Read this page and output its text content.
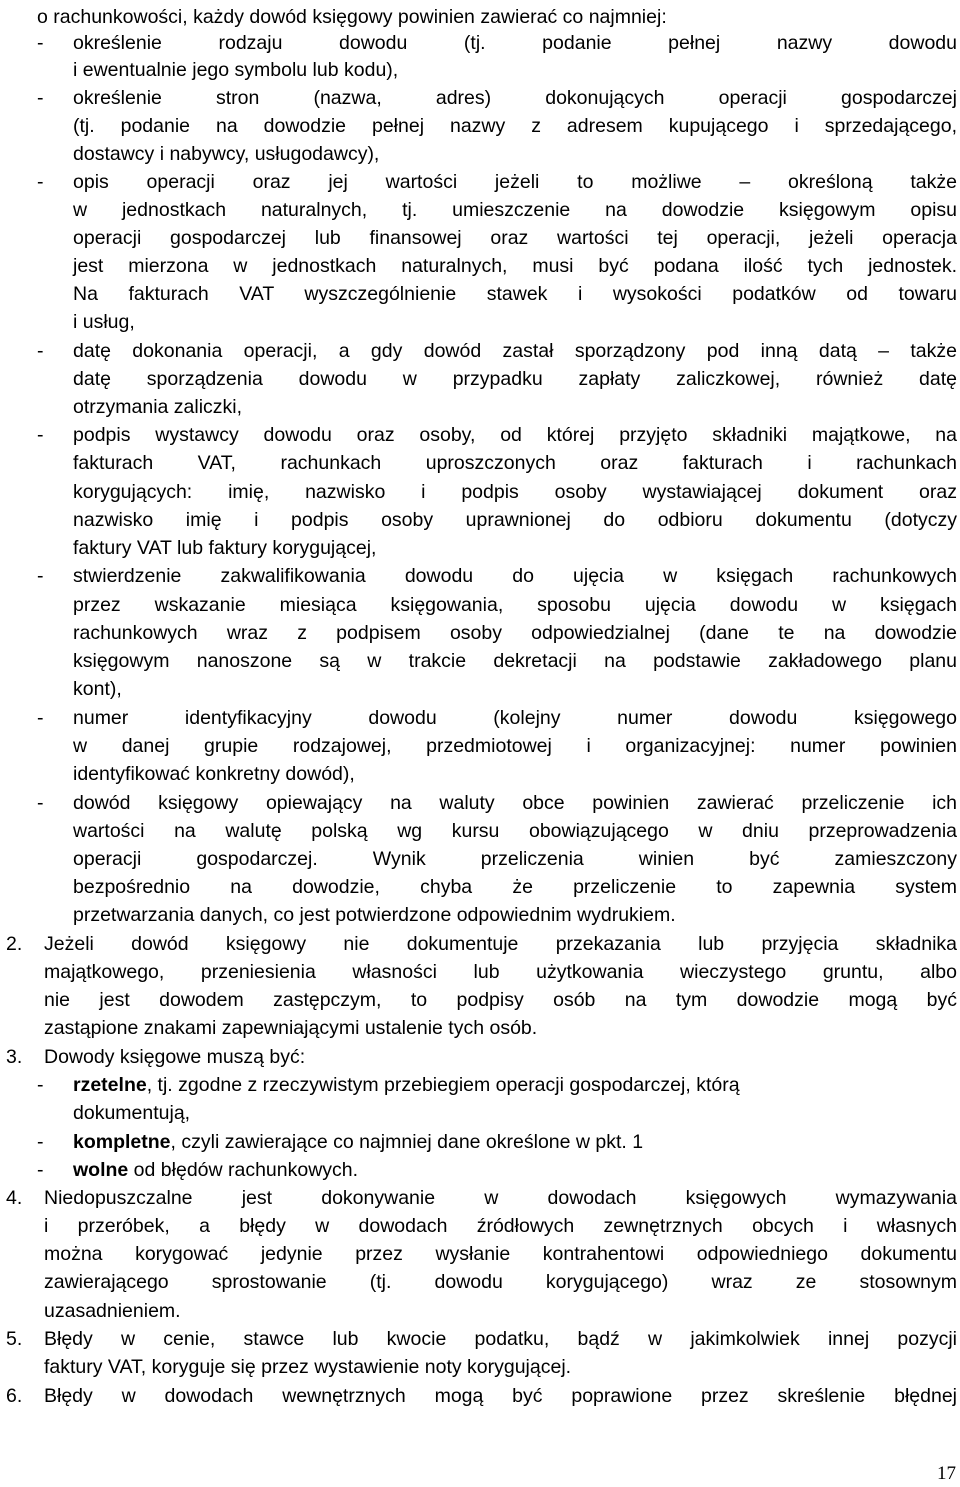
o rachunkowości, każdy dowód księgowy powinien zawierać co najmniej:
- określenie rodzaju dowodu (tj. podanie pełnej nazwy dowodu
i ewentualnie jego symbolu lub kodu),
- określenie stron (nazwa, adres) dokonujących operacji gospodarczej
(tj. podanie na dowodzie pełnej nazwy z adresem kupującego i sprzedającego,
dostawcy i nabywcy, usługodawcy),
- opis operacji oraz jej wartości jeżeli to możliwe – określoną także
w jednostkach naturalnych, tj. umieszczenie na dowodzie księgowym opisu
operacji gospodarczej lub finansowej oraz wartości tej operacji, jeżeli operacja
jest mierzona w jednostkach naturalnych, musi być podana ilość tych jednostek.
Na fakturach VAT wyszczególnienie stawek i wysokości podatków od towaru
i usług,
- datę dokonania operacji, a gdy dowód zastał sporządzony pod inną datą – także
datę sporządzenia dowodu w przypadku zapłaty zaliczkowej, również datę
otrzymania zaliczki,
- podpis wystawcy dowodu oraz osoby, od której przyjęto składniki majątkowe, na
fakturach VAT, rachunkach uproszczonych oraz fakturach i rachunkach
korygujących: imię, nazwisko i podpis osoby wystawiającej dokument oraz
nazwisko imię i podpis osoby uprawnionej do odbioru dokumentu (dotyczy
faktury VAT lub faktury korygującej,
- stwierdzenie zakwalifikowania dowodu do ujęcia w księgach rachunkowych
przez wskazanie miesiąca księgowania, sposobu ujęcia dowodu w księgach
rachunkowych wraz z podpisem osoby odpowiedzialnej (dane te na dowodzie
księgowym nanoszone są w trakcie dekretacji na podstawie zakładowego planu
kont),
- numer identyfikacyjny dowodu (kolejny numer dowodu księgowego
w danej grupie rodzajowej, przedmiotowej i organizacyjnej: numer powinien
identyfikować konkretny dowód),
- dowód księgowy opiewający na waluty obce powinien zawierać przeliczenie ich
wartości na walutę polską wg kursu obowiązującego w dniu przeprowadzenia
operacji gospodarczej. Wynik przeliczenia winien być zamieszczony
bezpośrednio na dowodzie, chyba że przeliczenie to zapewnia system
przetwarzania danych, co jest potwierdzone odpowiednim wydrukiem.
2. Jeżeli dowód księgowy nie dokumentuje przekazania lub przyjęcia składnika
majątkowego, przeniesienia własności lub użytkowania wieczystego gruntu, albo
nie jest dowodem zastępczym, to podpisy osób na tym dowodzie mogą być
zastąpione znakami zapewniającymi ustalenie tych osób.
3. Dowody księgowe muszą być:
- rzetelne, tj. zgodne z rzeczywistym przebiegiem operacji gospodarczej, którą
dokumentują,
- kompletne, czyli zawierające co najmniej dane określone w pkt. 1
- wolne od błędów rachunkowych.
4. Niedopuszczalne jest dokonywanie w dowodach księgowych wymazywania
i przeróbek, a błędy w dowodach źródłowych zewnętrznych obcych i własnych
można korygować jedynie przez wysłanie kontrahentowi odpowiedniego dokumentu
zawierającego sprostowanie (tj. dowodu korygującego) wraz ze stosownym
uzasadnieniem.
5. Błędy w cenie, stawce lub kwocie podatku, bądź w jakimkolwiek innej pozycji
faktury VAT, koryguje się przez wystawienie noty korygującej.
6. Błędy w dowodach wewnętrznych mogą być poprawione przez skreślenie błędnej
17
